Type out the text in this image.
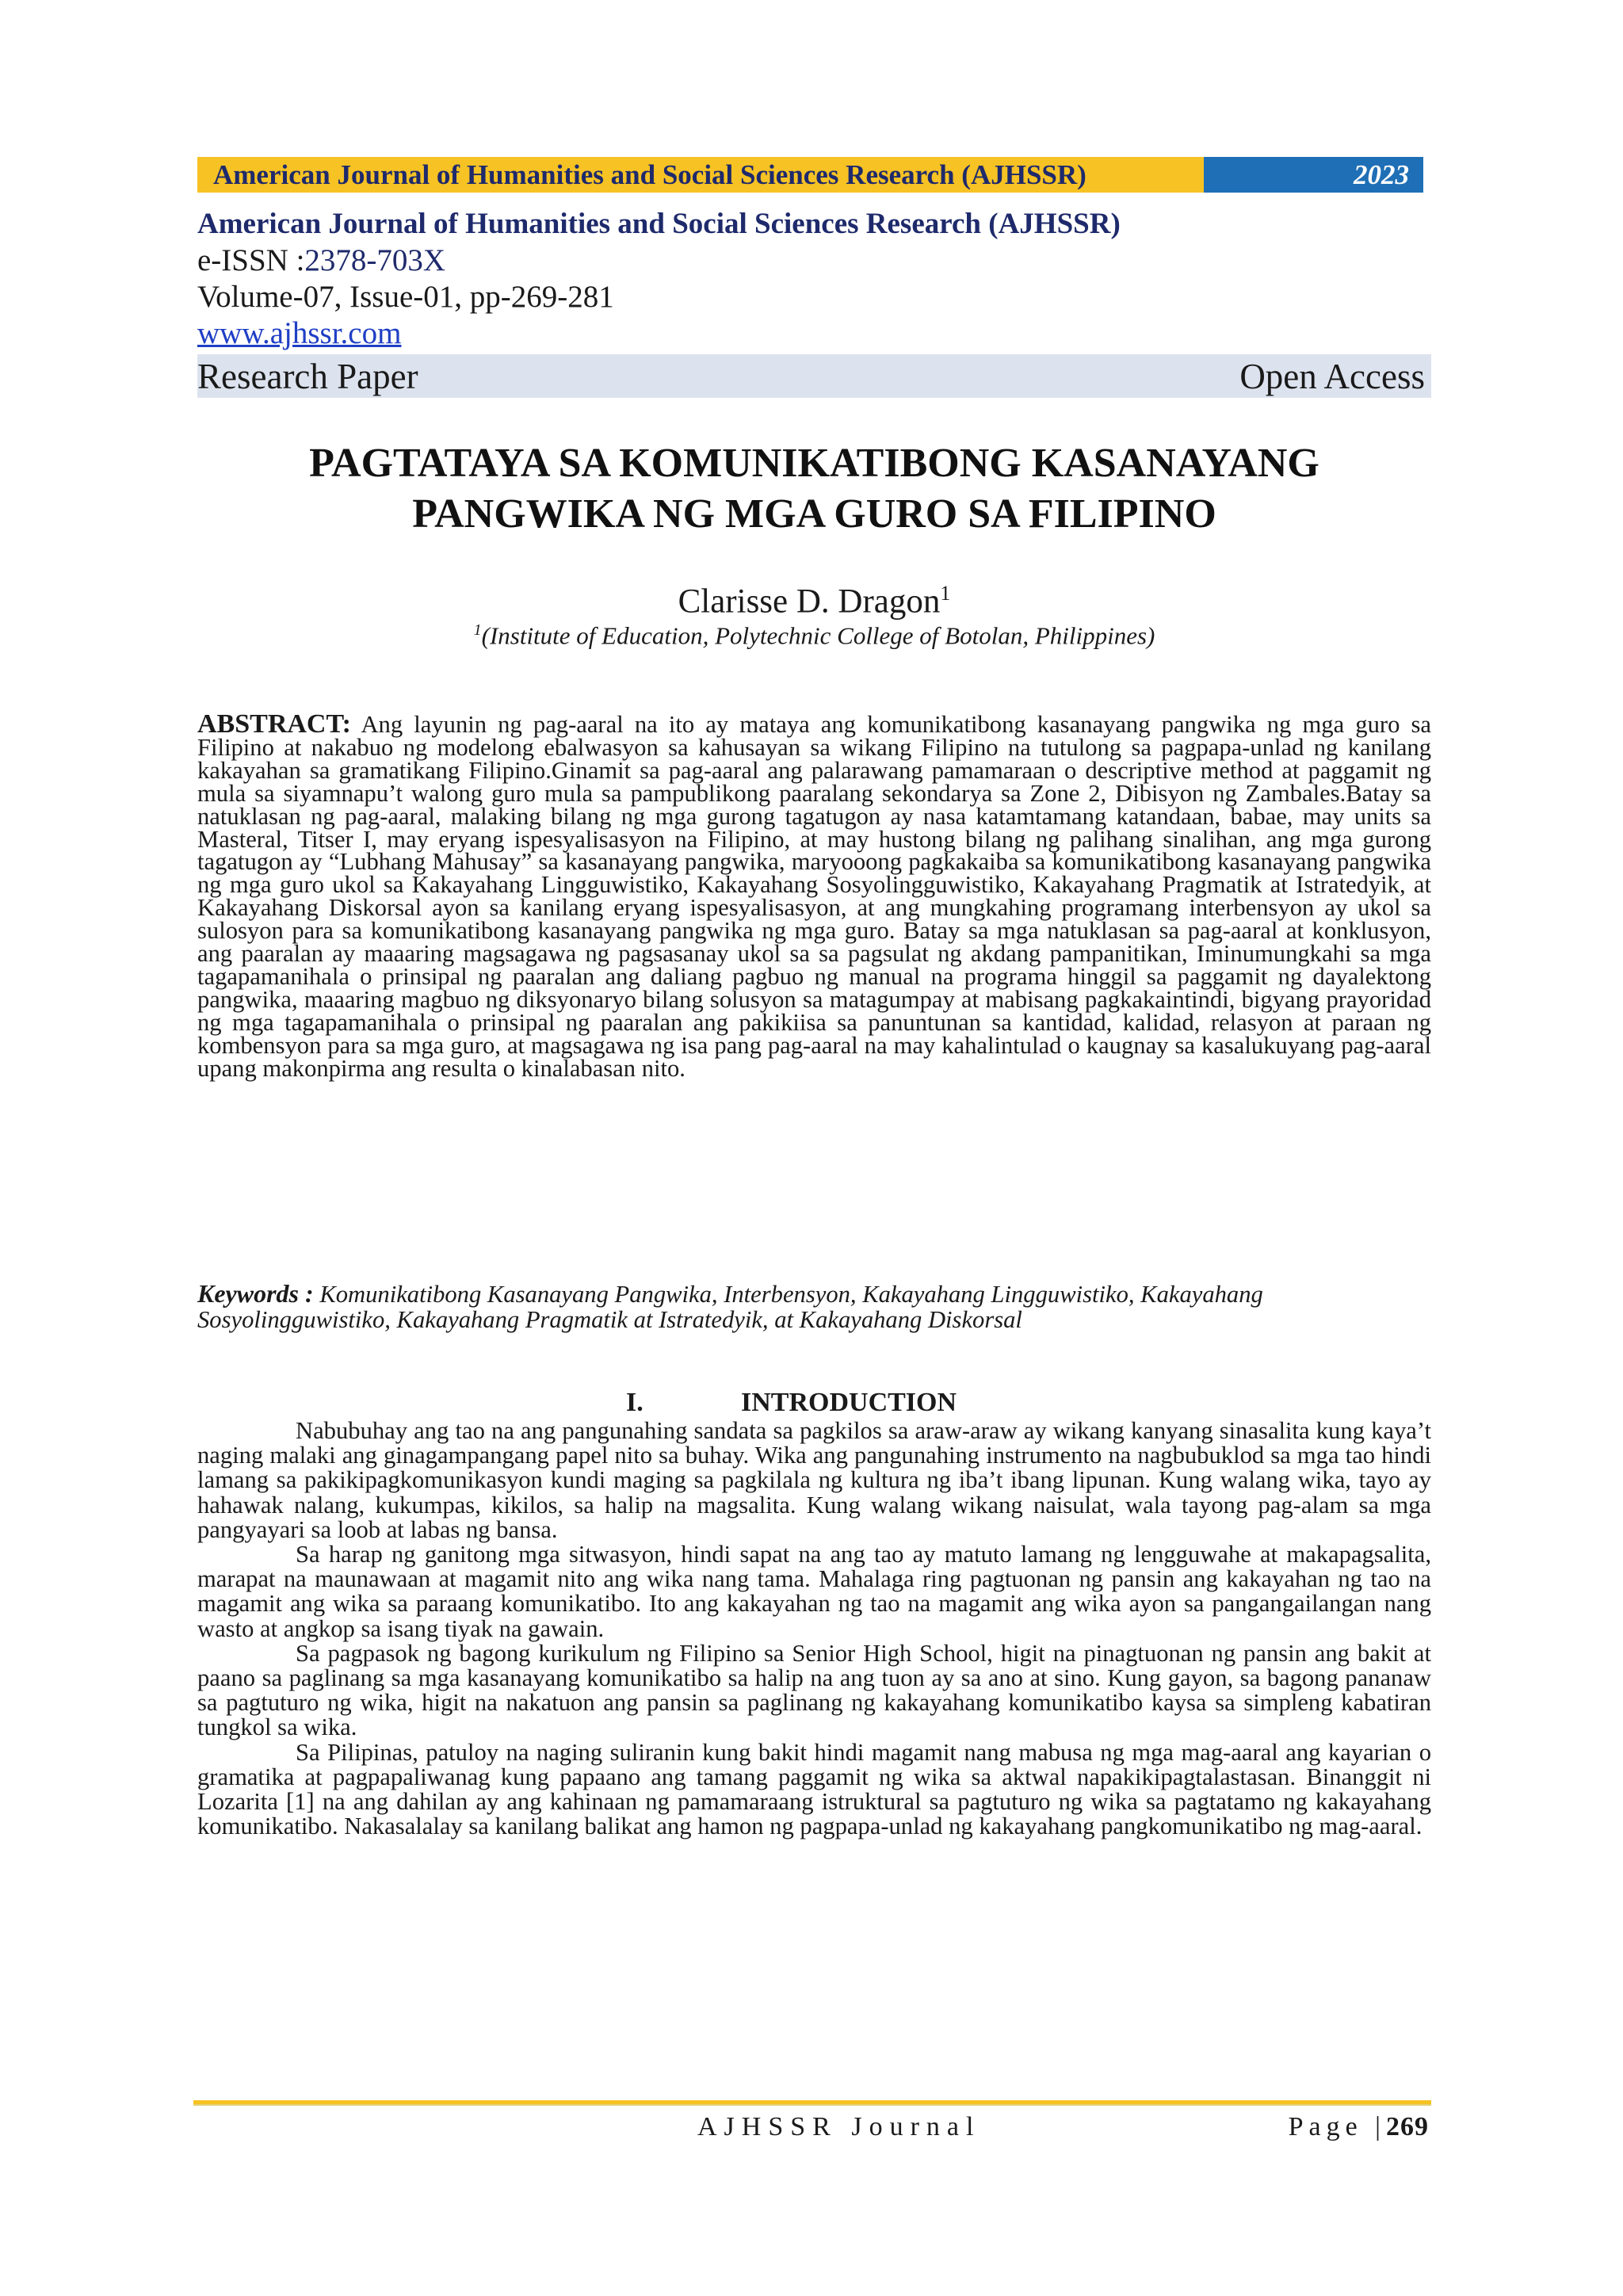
American Journal of Humanities and Social Sciences Research (AJHSSR)	2023
American Journal of Humanities and Social Sciences Research (AJHSSR)
e-ISSN :2378-703X
Volume-07, Issue-01, pp-269-281
www.ajhssr.com
Research Paper	Open Access
PAGTATAYA SA KOMUNIKATIBONG KASANAYANG PANGWIKA NG MGA GURO SA FILIPINO
Clarisse D. Dragon$^1$
$^1$(Institute of Education, Polytechnic College of Botolan, Philippines)

ABSTRACT: Ang layunin ng pag-aaral na ito ay mataya ang komunikatibong kasanayang pangwika ng mga guro sa Filipino at nakabuo ng modelong ebalwasyon sa kahusayan sa wikang Filipino na tutulong sa pagpapa-unlad ng kanilang kakayahan sa gramatikang Filipino.Ginamit sa pag-aaral ang palarawang pamamaraan o descriptive method at paggamit ng mula sa siyamnapu’t walong guro mula sa pampublikong paaralang sekondarya sa Zone 2, Dibisyon ng Zambales.Batay sa natuklasan ng pag-aaral, malaking bilang ng mga gurong tagatugon ay nasa katamtamang katandaan, babae, may units sa Masteral, Titser I, may eryang ispesyalisasyon na Filipino, at may hustong bilang ng palihang sinalihan, ang mga gurong tagatugon ay “Lubhang Mahusay” sa kasanayang pangwika, maryooong pagkakaiba sa komunikatibong kasanayang pangwika ng mga guro ukol sa Kakayahang Lingguwistiko, Kakayahang Sosyolingguwistiko, Kakayahang Pragmatik at Istratedyik, at Kakayahang Diskorsal ayon sa kanilang eryang ispesyalisasyon, at ang mungkahing programang interbensyon ay ukol sa sulosyon para sa komunikatibong kasanayang pangwika ng mga guro. Batay sa mga natuklasan sa pag-aaral at konklusyon, ang paaralan ay maaaring magsagawa ng pagsasanay ukol sa sa pagsulat ng akdang pampanitikan, Iminumungkahi sa mga tagapamanihala o prinsipal ng paaralan ang daliang pagbuo ng manual na programa hinggil sa paggamit ng dayalektong pangwika, maaaring magbuo ng diksyonaryo bilang solusyon sa matagumpay at mabisang pagkakaintindi, bigyang prayoridad ng mga tagapamanihala o prinsipal ng paaralan ang pakikiisa sa panuntunan sa kantidad, kalidad, relasyon at paraan ng kombensyon para sa mga guro, at magsagawa ng isa pang pag-aaral na may kahalintulad o kaugnay sa kasalukuyang pag-aaral upang makonpirma ang resulta o kinalabasan nito.

Keywords : Komunikatibong Kasanayang Pangwika, Interbensyon, Kakayahang Lingguwistiko, Kakayahang Sosyolingguwistiko, Kakayahang Pragmatik at Istratedyik, at Kakayahang Diskorsal

I.	INTRODUCTION

Nabubuhay ang tao na ang pangunahing sandata sa pagkilos sa araw-araw ay wikang kanyang sinasalita kung kaya’t naging malaki ang ginagampangang papel nito sa buhay. Wika ang pangunahing instrumento na nagbubuklod sa mga tao hindi lamang sa pakikipagkomunikasyon kundi maging sa pagkilala ng kultura ng iba’t ibang lipunan. Kung walang wika, tayo ay hahawak nalang, kukumpas, kikilos, sa halip na magsalita. Kung walang wikang naisulat, wala tayong pag-alam sa mga pangyayari sa loob at labas ng bansa.

Sa harap ng ganitong mga sitwasyon, hindi sapat na ang tao ay matuto lamang ng lengguwahe at makapagsalita, marapat na maunawaan at magamit nito ang wika nang tama. Mahalaga ring pagtuonan ng pansin ang kakayahan ng tao na magamit ang wika sa paraang komunikatibo. Ito ang kakayahan ng tao na magamit ang wika ayon sa pangangailangan nang wasto at angkop sa isang tiyak na gawain.

Sa pagpasok ng bagong kurikulum ng Filipino sa Senior High School, higit na pinagtuonan ng pansin ang bakit at paano sa paglinang sa mga kasanayang komunikatibo sa halip na ang tuon ay sa ano at sino. Kung gayon, sa bagong pananaw sa pagtuturo ng wika, higit na nakatuon ang pansin sa paglinang ng kakayahang komunikatibo kaysa sa simpleng kabatiran tungkol sa wika.

Sa Pilipinas, patuloy na naging suliranin kung bakit hindi magamit nang mabusa ng mga mag-aaral ang kayarian o gramatika at pagpapaliwanag kung papaano ang tamang paggamit ng wika sa aktwal napakikipagtalastasan. Binanggit ni Lozarita [1] na ang dahilan ay ang kahinaan ng pamamaraang istruktural sa pagtuturo ng wika sa pagtatamo ng kakayahang komunikatibo. Nakasalalay sa kanilang balikat ang hamon ng pagpapa-unlad ng kakayahang pangkomunikatibo ng mag-aaral.

AJHSSR Journal	Page |269
